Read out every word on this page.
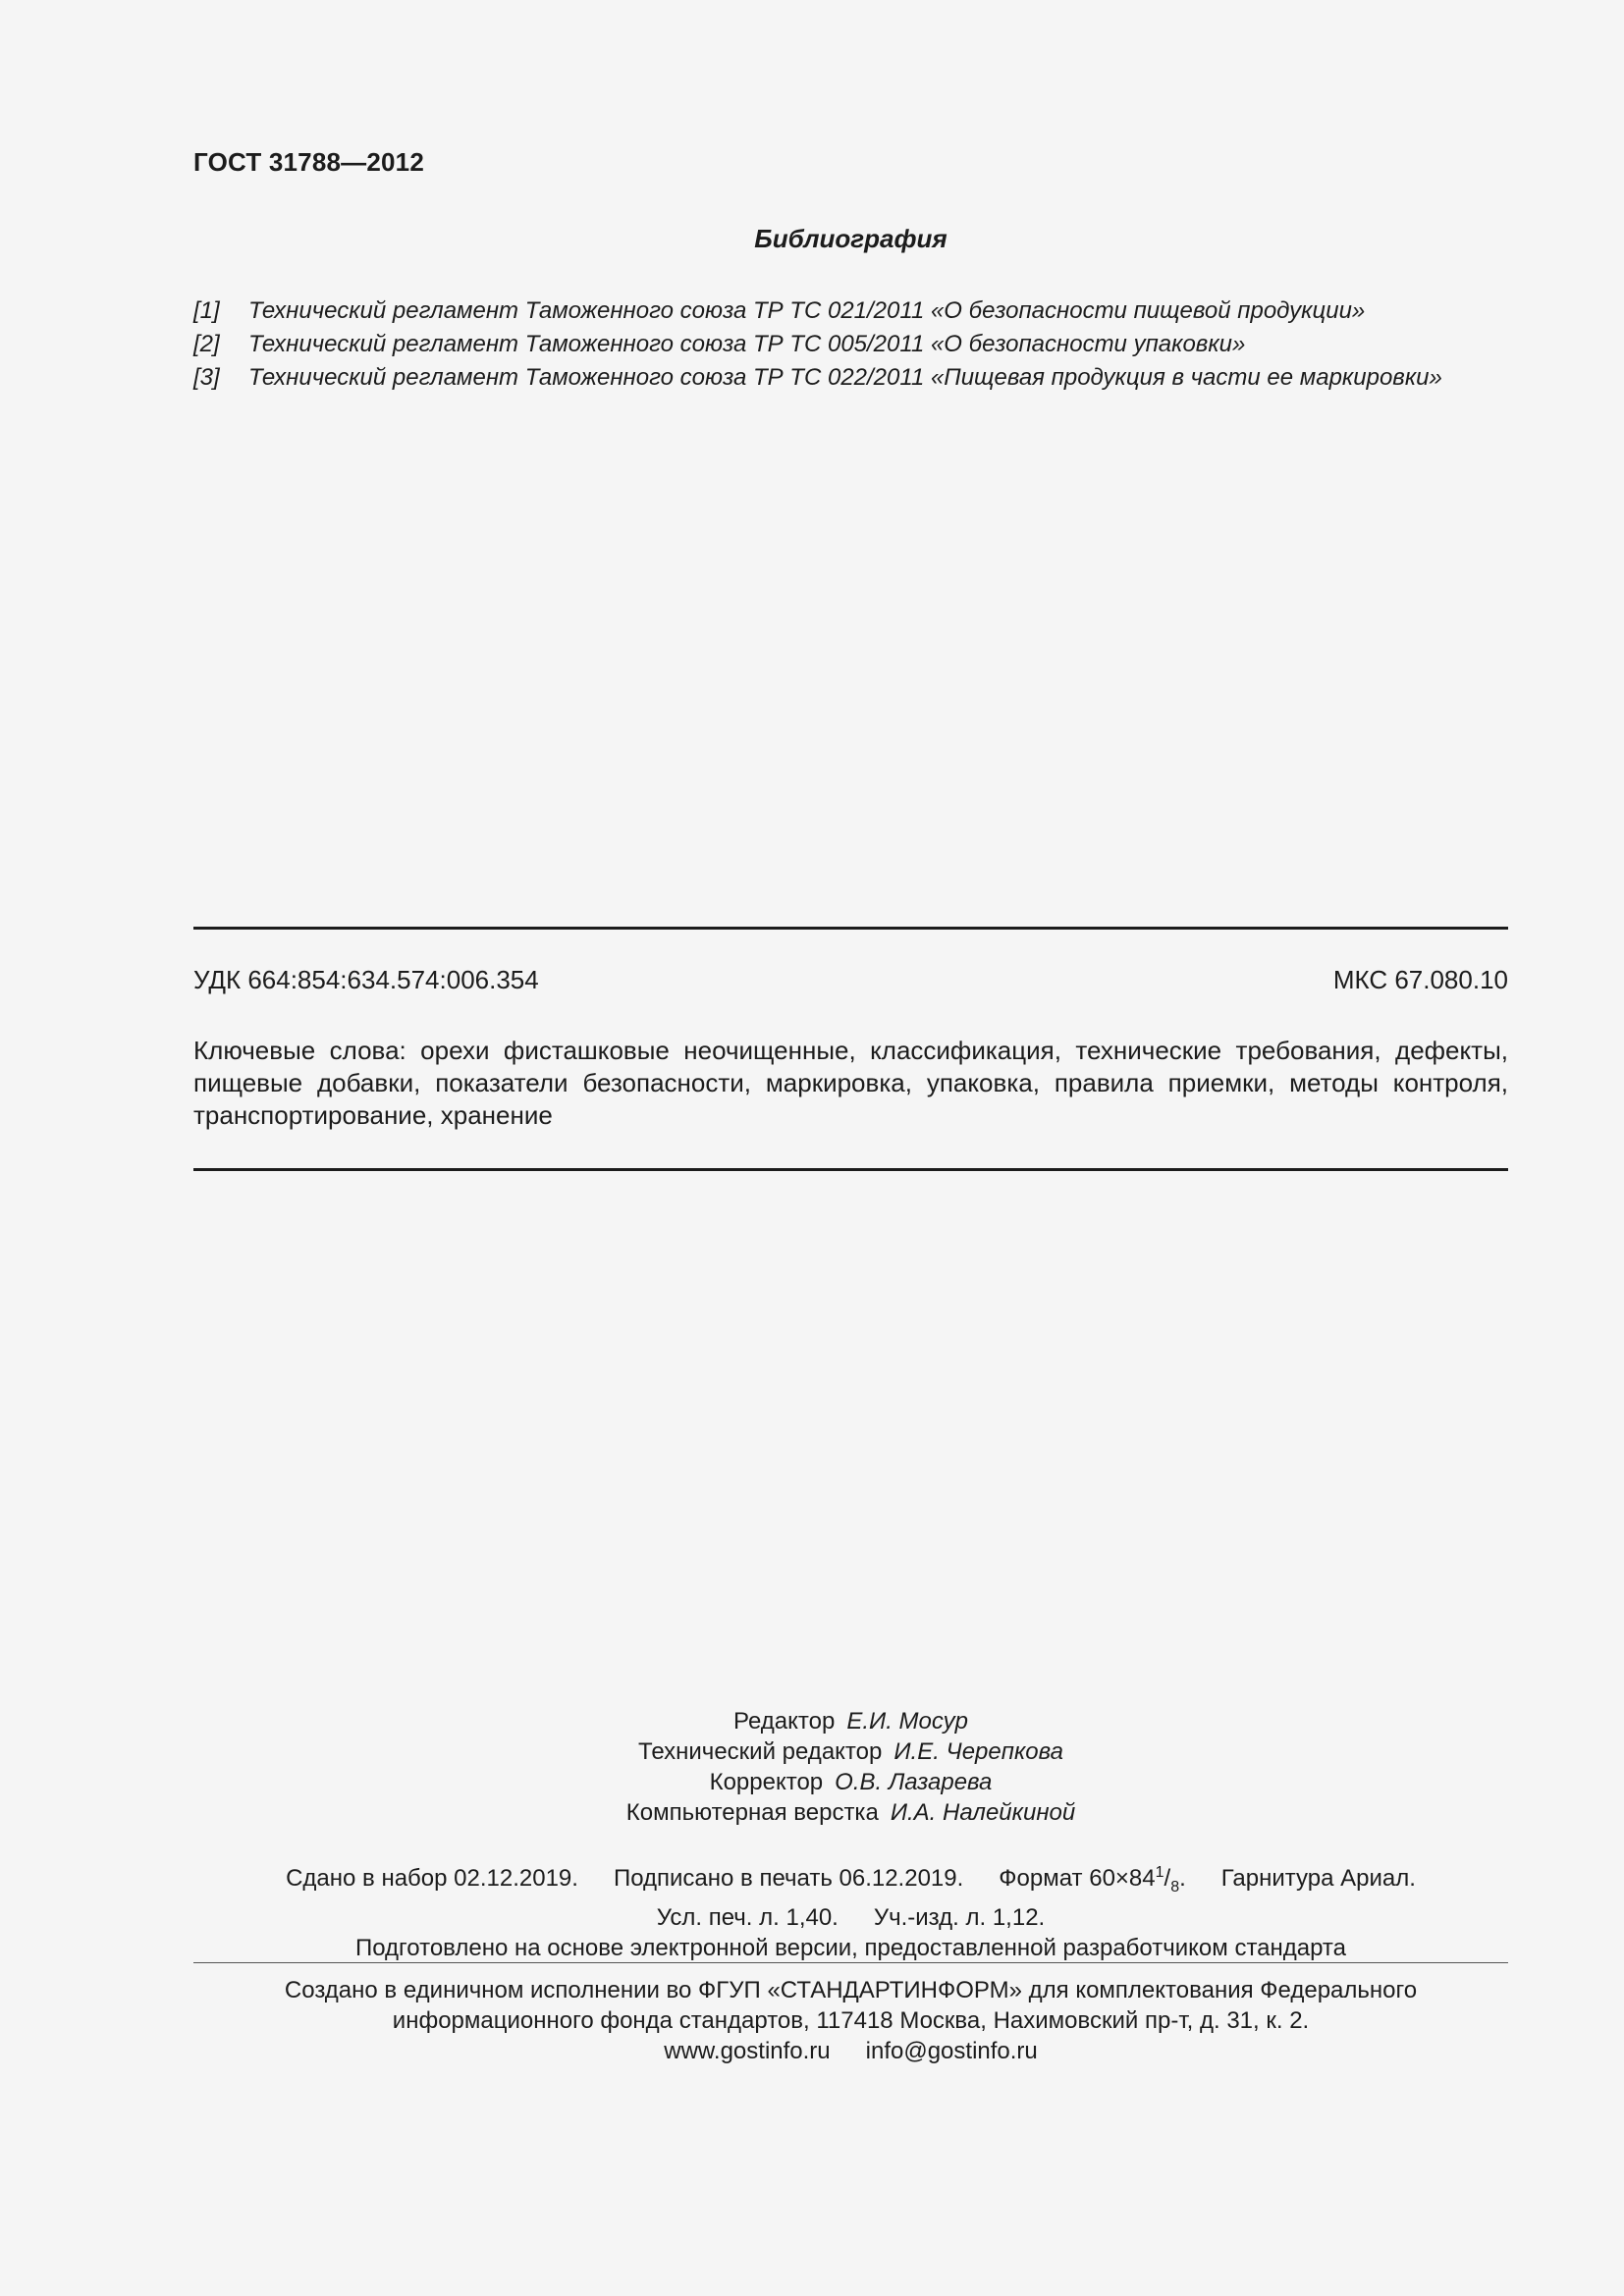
ГОСТ 31788—2012
Библиография
[1] Технический регламент Таможенного союза ТР ТС 021/2011 «О безопасности пищевой продукции»
[2] Технический регламент Таможенного союза ТР ТС 005/2011 «О безопасности упаковки»
[3] Технический регламент Таможенного союза ТР ТС 022/2011 «Пищевая продукция в части ее маркировки»
УДК 664:854:634.574:006.354	МКС 67.080.10
Ключевые слова: орехи фисташковые неочищенные, классификация, технические требования, дефекты, пищевые добавки, показатели безопасности, маркировка, упаковка, правила приемки, методы контроля, транспортирование, хранение
Редактор Е.И. Мосур
Технический редактор И.Е. Черепкова
Корректор О.В. Лазарева
Компьютерная верстка И.А. Налейкиной
Сдано в набор 02.12.2019. Подписано в печать 06.12.2019. Формат $60\times 84^1/_8$. Гарнитура Ариал.
Усл. печ. л. 1,40. Уч.-изд. л. 1,12.
Подготовлено на основе электронной версии, предоставленной разработчиком стандарта
Создано в единичном исполнении во ФГУП «СТАНДАРТИНФОРМ» для комплектования Федерального
информационного фонда стандартов, 117418 Москва, Нахимовский пр-т, д. 31, к. 2.
www.gostinfo.ru info@gostinfo.ru
